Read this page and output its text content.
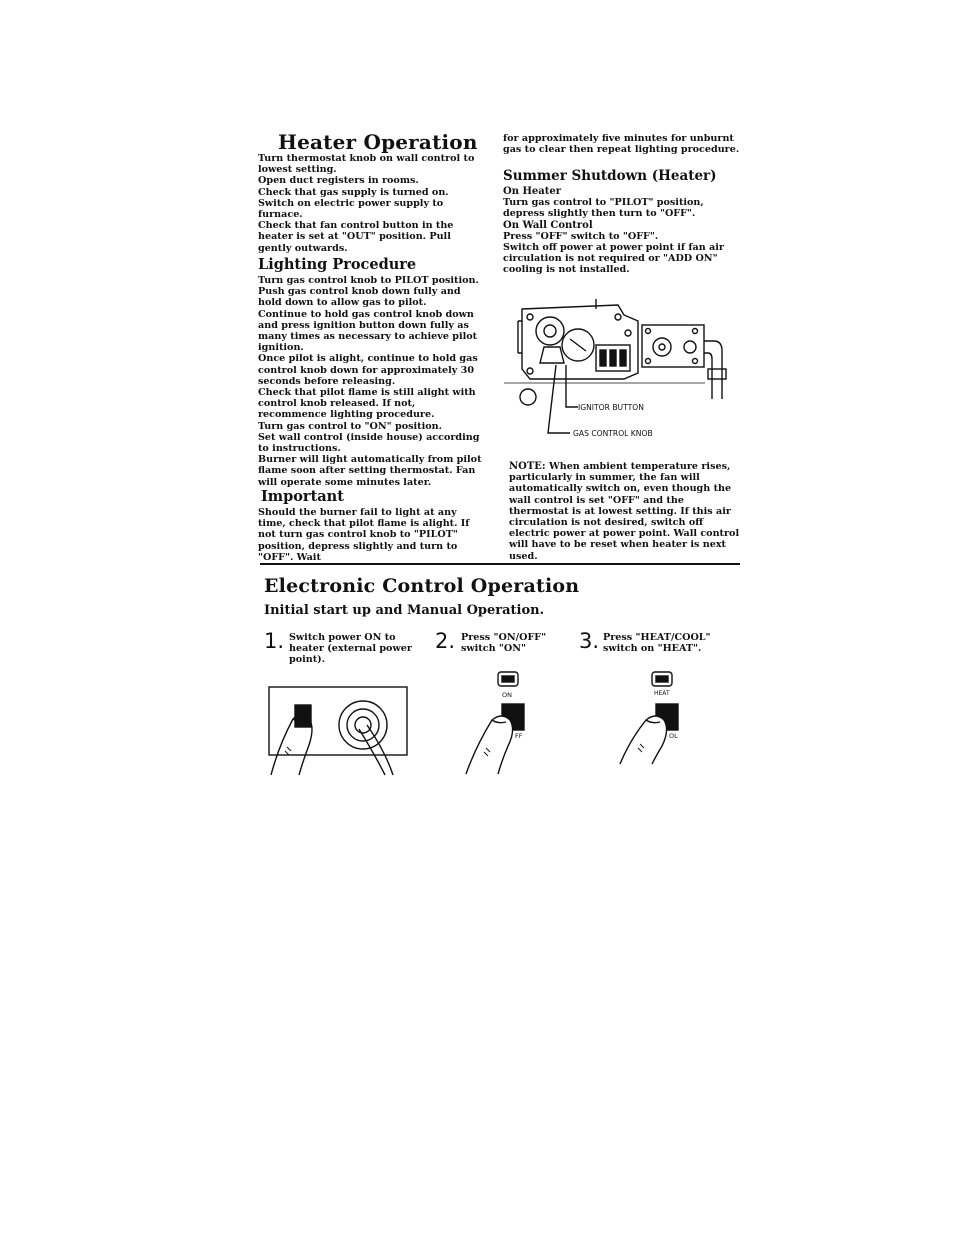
Heater Operation

Turn thermostat knob on wall control to lowest setting.

Open duct registers in rooms.

Check that gas supply is turned on.

Switch on electric power supply to furnace.

Check that fan control button in the heater is set at "OUT" position. Pull gently outwards.

Lighting Procedure

Turn gas control knob to PILOT position.

Push gas control knob down fully and hold down to allow gas to pilot.

Continue to hold gas control knob down and press ignition button down fully as many times as necessary to achieve pilot ignition.

Once pilot is alight, continue to hold gas control knob down for approximately 30 seconds before releasing.

Check that pilot flame is still alight with control knob released. If not, recommence lighting procedure.

Turn gas control to "ON" position.

Set wall control (inside house) according to instructions.

Burner will light automatically from pilot flame soon after setting thermostat. Fan will operate some minutes later.

Important

Should the burner fail to light at any time, check that pilot flame is alight. If not turn gas control knob to "PILOT" position, depress slightly and turn to "OFF". Wait

for approximately five minutes for unburnt gas to clear then repeat lighting procedure.

Summer Shutdown (Heater)

On Heater

Turn gas control to "PILOT" position, depress slightly then turn to "OFF".

On Wall Control

Press "OFF" switch to "OFF".

Switch off power at power point if fan air circulation is not required or "ADD ON" cooling is not installed.

IGNITOR BUTTON
GAS CONTROL KNOB

NOTE: When ambient temperature rises, particularly in summer, the fan will automatically switch on, even though the wall control is set "OFF" and the thermostat is at lowest setting. If this air circulation is not desired, switch off electric power at power point. Wall control will have to be reset when heater is next used.

Electronic Control Operation
Initial start up and Manual Operation.
1. Switch power ON to heater (external power point).
2. Press "ON/OFF" switch "ON"	3. Press "HEAT/COOL" switch on "HEAT".
ON
FF
HEAT
OL
